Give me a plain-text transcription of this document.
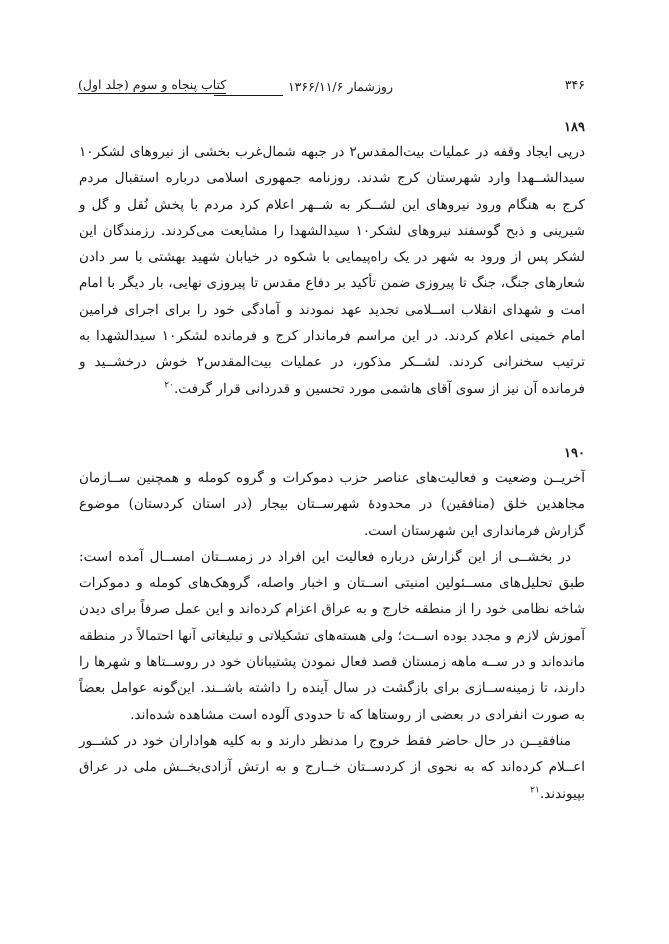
۳۴۶
روزشمار ۱۳۶۶/۱۱/۶
کتاب پنجاه و سوم (جلد اول)
۱۸۹

درپی ایجاد وقفه در عملیات بیت‌المقدس۲ در جبهه شمال‌غرب بخشی از نیروهای لشکر۱۰ سیدالشــهدا وارد شهرستان کرج شدند. روزنامه جمهوری اسلامی درباره استقبال مردم کرج به هنگام ورود نیروهای این لشــکر به شــهر اعلام کرد مردم با پخش نُقل و گل و شیرینی و ذبح گوسفند نیروهای لشکر۱۰ سیدالشهدا را مشایعت می‌کردند. رزمندگان این لشکر پس از ورود به شهر در یک راه‌پیمایی با شکوه در خیابان شهید بهشتی با سر دادن شعارهای جنگ، جنگ تا پیروزی ضمن تأکید بر دفاع مقدس تا پیروزی نهایی، بار دیگر با امام امت و شهدای انقلاب اســلامی تجدید عهد نمودند و آمادگی خود را برای اجرای فرامین امام خمینی اعلام کردند. در این مراسم فرماندار کرج و فرمانده لشکر۱۰ سیدالشهدا به ترتیب سخنرانی کردند. لشــکر مذکور، در عملیات بیت‌المقدس۲ خوش درخشــید و فرمانده آن نیز از سوی آقای هاشمی مورد تحسین و قدردانی قرار گرفت.$^{۲۰}$

۱۹۰

آخریــن وضعیت و فعالیت‌های عناصر حزب دموکرات و گروه کومله و همچنین ســازمان مجاهدین خلق (منافقین) در محدودهٔ شهرســتان بیجار (در استان کردستان) موضوع گزارش فرمانداری این شهرستان است.

در بخشــی از این گزارش درباره فعالیت این افراد در زمســتان امســال آمده است: طبق تحلیل‌های مســئولین امنیتی اســتان و اخبار واصله، گروهک‌های کومله و دموکرات شاخه نظامی خود را از منطقه خارج و به عراق اعزام کرده‌اند و این عمل صرفاً برای دیدن آموزش لازم و مجدد بوده اســت؛ ولی هسته‌های تشکیلاتی و تبلیغاتی آنها احتمالاً در منطقه مانده‌اند و در ســه ماهه زمستان قصد فعال نمودن پشتیبانان خود در روســتاها و شهرها را دارند، تا زمینه‌ســازی برای بازگشت در سال آینده را داشته باشــند. این‌گونه عوامل بعضاً به صورت انفرادی در بعضی از روستاها که تا حدودی آلوده است مشاهده شده‌اند.

منافقیــن در حال حاضر فقط خروج را مدنظر دارند و به کلیه هواداران خود در کشــور اعــلام کرده‌اند که به نحوی از کردســتان خــارج و به ارتش آزادی‌بخــش ملی در عراق بپیوندند.$^{۲۱}$
